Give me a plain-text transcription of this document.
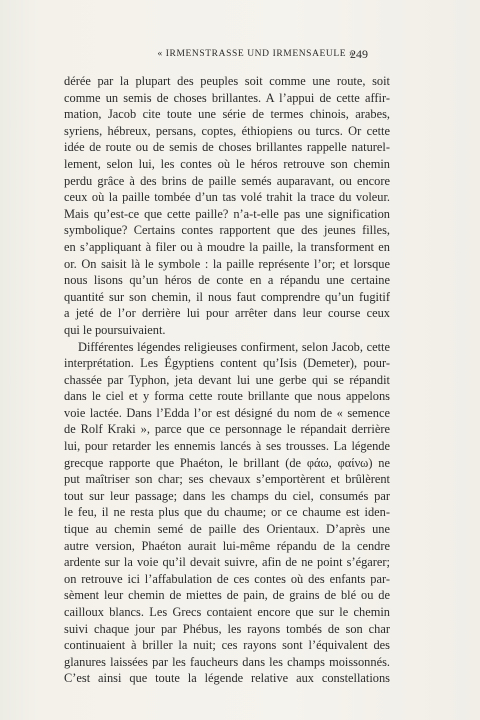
« IRMENSTRASSE UND IRMENSAEULE »
249

dérée par la plupart des peuples soit comme une route, soit
comme un semis de choses brillantes. A l’appui de cette affir-
mation, Jacob cite toute une série de termes chinois, arabes,
syriens, hébreux, persans, coptes, éthiopiens ou turcs. Or cette
idée de route ou de semis de choses brillantes rappelle naturel-
lement, selon lui, les contes où le héros retrouve son chemin
perdu grâce à des brins de paille semés auparavant, ou encore
ceux où la paille tombée d’un tas volé trahit la trace du voleur.
Mais qu’est-ce que cette paille? n’a-t-elle pas une signification
symbolique? Certains contes rapportent que des jeunes filles,
en s’appliquant à filer ou à moudre la paille, la transforment en
or. On saisit là le symbole : la paille représente l’or; et lorsque
nous lisons qu’un héros de conte en a répandu une certaine
quantité sur son chemin, il nous faut comprendre qu’un fugitif
a jeté de l’or derrière lui pour arrêter dans leur course ceux
qui le poursuivaient.

Différentes légendes religieuses confirment, selon Jacob, cette
interprétation. Les Égyptiens content qu’Isis (Demeter), pour-
chassée par Typhon, jeta devant lui une gerbe qui se répandit
dans le ciel et y forma cette route brillante que nous appelons
voie lactée. Dans l’Edda l’or est désigné du nom de « semence
de Rolf Kraki », parce que ce personnage le répandait derrière
lui, pour retarder les ennemis lancés à ses trousses. La légende
grecque rapporte que Phaéton, le brillant (de φάω, φαίνω) ne
put maîtriser son char; ses chevaux s’emportèrent et brûlèrent
tout sur leur passage; dans les champs du ciel, consumés par
le feu, il ne resta plus que du chaume; or ce chaume est iden-
tique au chemin semé de paille des Orientaux. D’après une
autre version, Phaéton aurait lui-même répandu de la cendre
ardente sur la voie qu’il devait suivre, afin de ne point s’égarer;
on retrouve ici l’affabulation de ces contes où des enfants par-
sèment leur chemin de miettes de pain, de grains de blé ou de
cailloux blancs. Les Grecs contaient encore que sur le chemin
suivi chaque jour par Phébus, les rayons tombés de son char
continuaient à briller la nuit; ces rayons sont l’équivalent des
glanures laissées par les faucheurs dans les champs moissonnés.
C’est ainsi que toute la légende relative aux constellations
